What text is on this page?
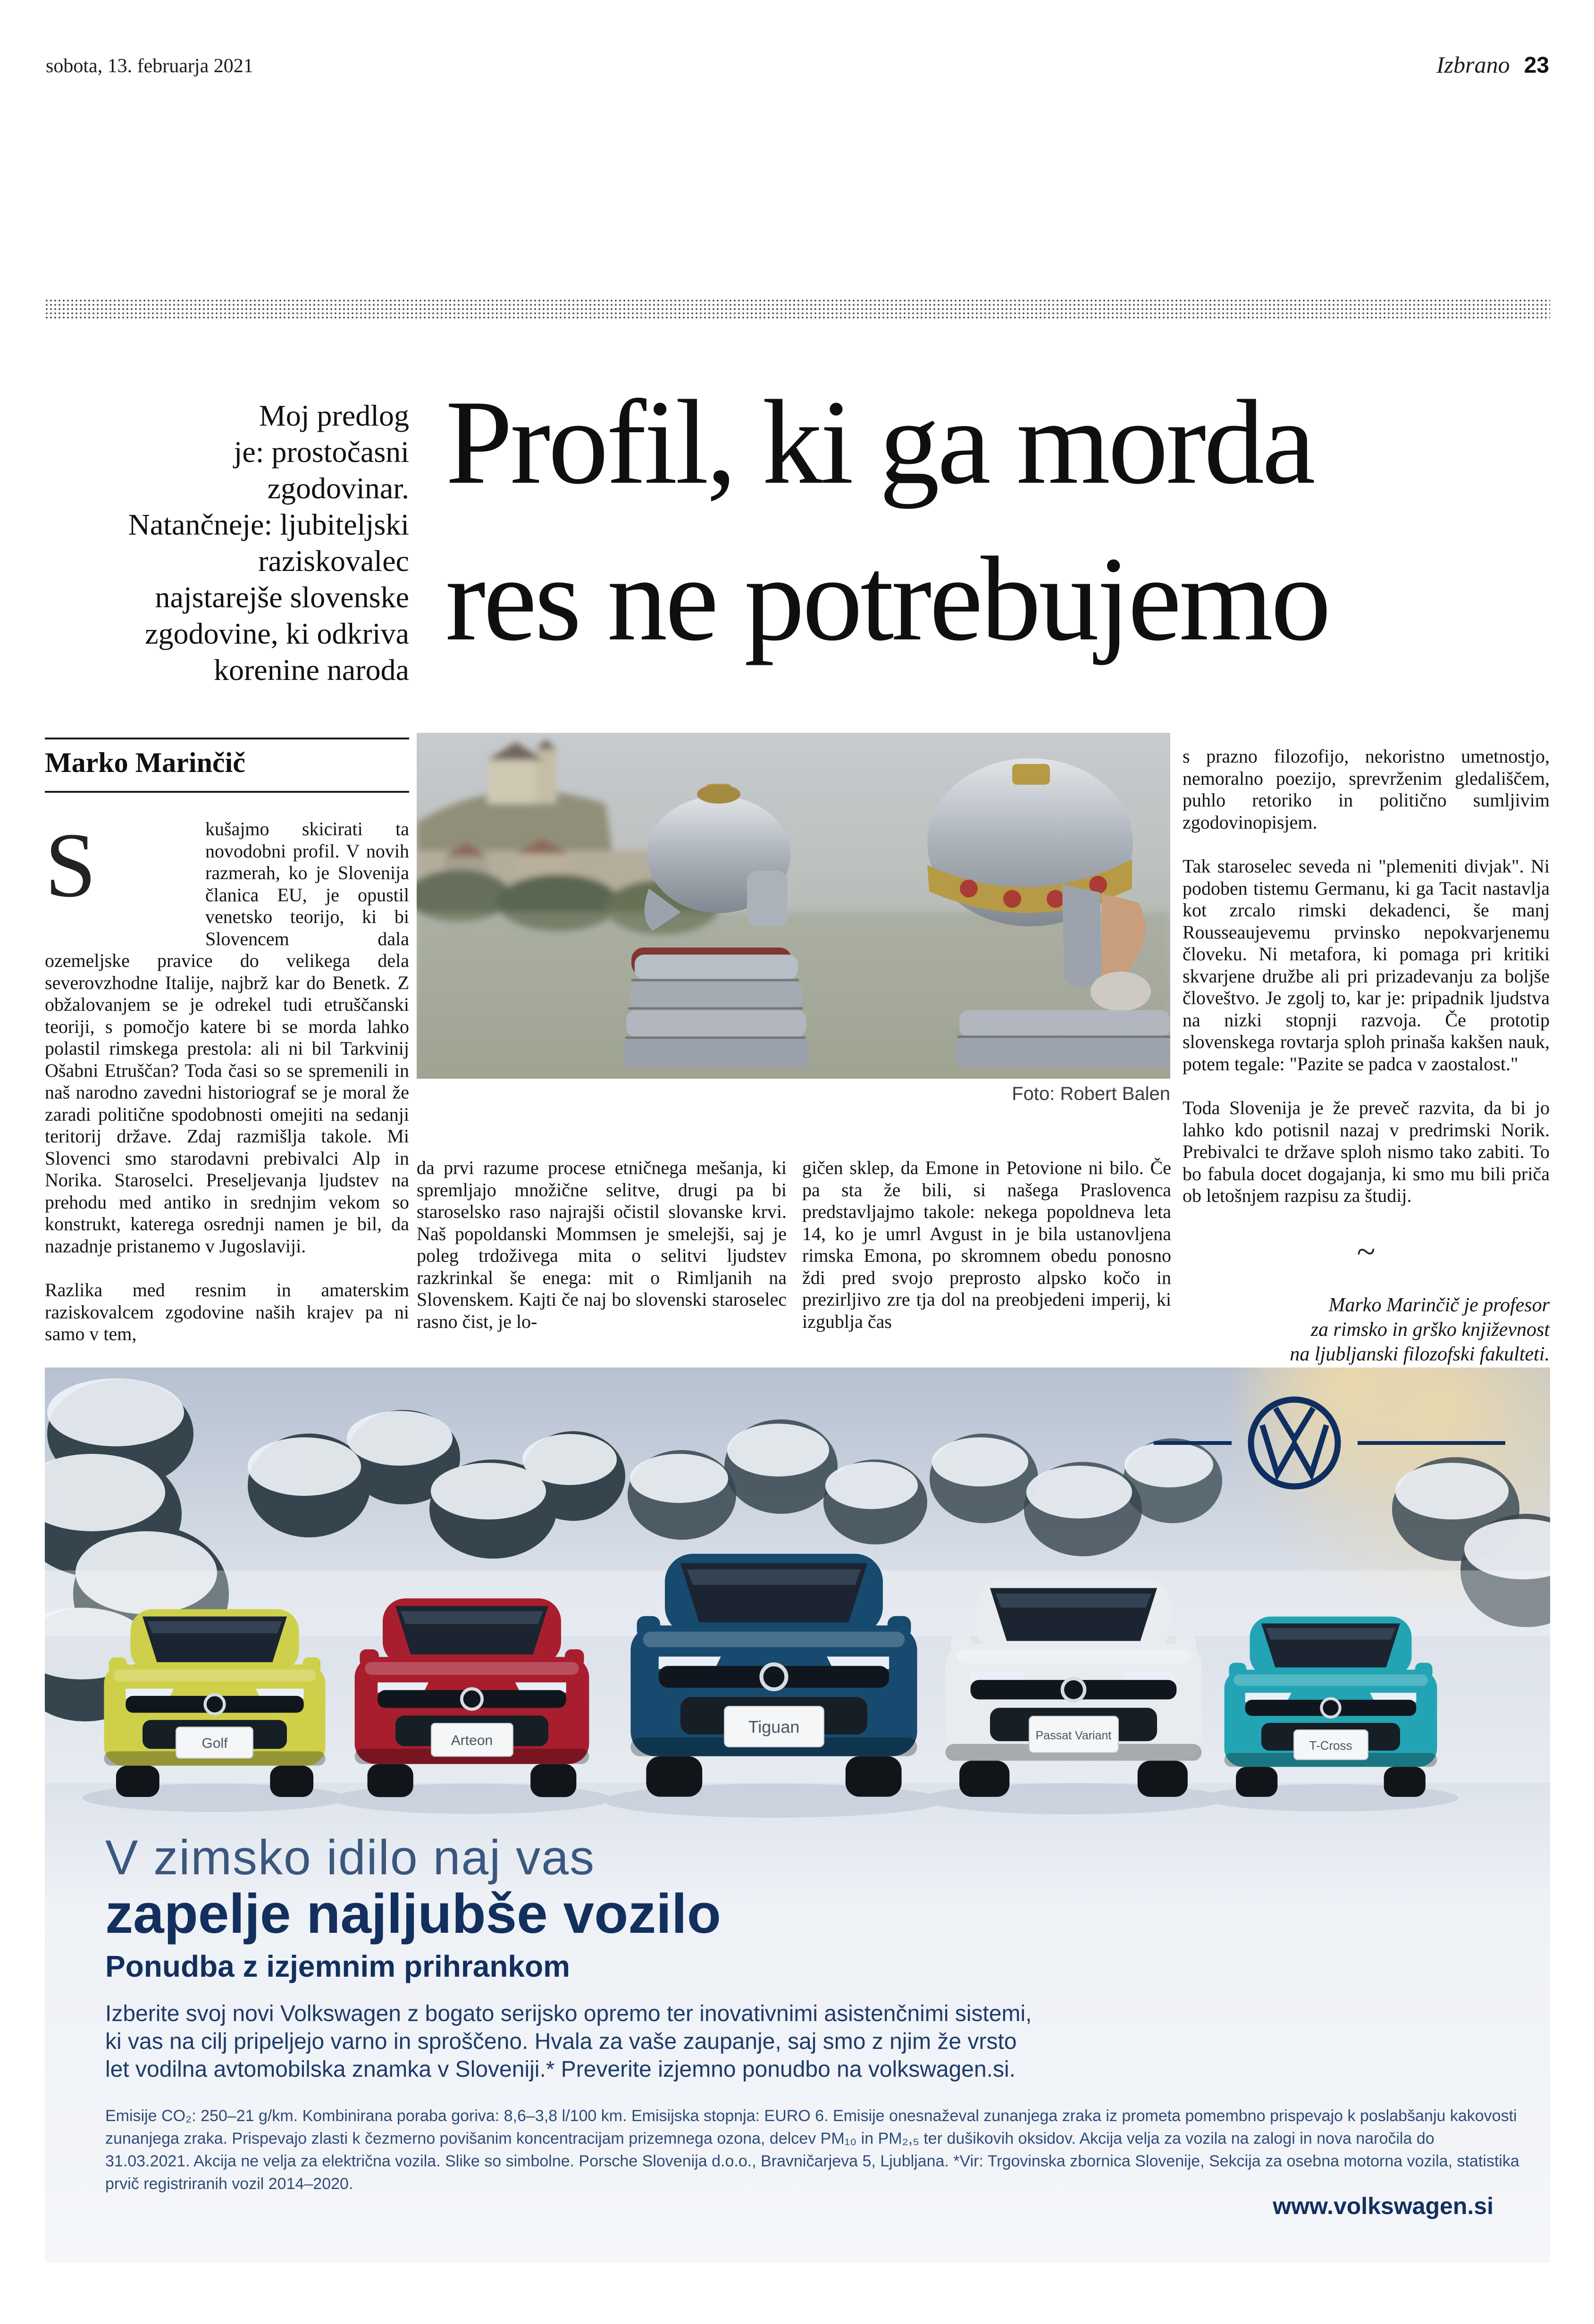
sobota, 13. februarja 2021	Izbrano 23
Moj predlog
je: prostočasni
zgodovinar.
Natančneje: ljubiteljski
raziskovalec
najstarejše slovenske
zgodovine, ki odkriva
korenine naroda
Profil, ki ga morda
res ne potrebujemo
Marko Marinčič

S	kušajmo skicirati ta novodobni profil. V novih razmerah, ko je Slovenija članica EU, je opustil venetsko teorijo, ki bi Slovencem dala ozemeljske pravice do velikega dela severovzhodne Italije, najbrž kar do Benetk. Z obžalovanjem se je odrekel tudi etruščanski teoriji, s pomočjo katere bi se morda lahko polastil rimskega prestola: ali ni bil Tarkvinij Ošabni Etruščan? Toda časi so se spremenili in naš narodno zavedni historiograf se je moral že zaradi politične spodobnosti omejiti na sedanji teritorij države. Zdaj razmišlja takole. Mi Slovenci smo starodavni prebivalci Alp in Norika. Staroselci. Preseljevanja ljudstev na prehodu med antiko in srednjim vekom so konstrukt, katerega osrednji namen je bil, da nazadnje pristanemo v Jugoslaviji.

Razlika med resnim in amaterskim raziskovalcem zgodovine naših krajev pa ni samo v tem,

Foto: Robert Balen

da prvi razume procese etničnega mešanja, ki spremljajo množične selitve, drugi pa bi staroselsko raso najrajši očistil slovanske krvi. Naš popoldanski Mommsen je smelejši, saj je poleg trdoživega mita o selitvi ljudstev razkrinkal še enega: mit o Rimljanih na Slovenskem. Kajti če naj bo slovenski staroselec rasno čist, je lo-

gičen sklep, da Emone in Petovione ni bilo. Če pa sta že bili, si našega Praslovenca predstavljajmo takole: nekega popoldneva leta 14, ko je umrl Avgust in je bila ustanovljena rimska Emona, po skromnem obedu ponosno ždi pred svojo preprosto alpsko kočo in prezirljivo zre tja dol na preobjedeni imperij, ki izgublja čas

s prazno filozofijo, nekoristno umetnostjo, nemoralno poezijo, sprevrženim gledališčem, puhlo retoriko in politično sumljivim zgodovinopisjem.

Tak staroselec seveda ni "plemeniti divjak". Ni podoben tistemu Germanu, ki ga Tacit nastavlja kot zrcalo rimski dekadenci, še manj Rousseaujevemu prvinsko nepokvarjenemu človeku. Ni metafora, ki pomaga pri kritiki skvarjene družbe ali pri prizadevanju za boljše človeštvo. Je zgolj to, kar je: pripadnik ljudstva na nizki stopnji razvoja. Če prototip slovenskega rovtarja sploh prinaša kakšen nauk, potem tegale: "Pazite se padca v zaostalost."

Toda Slovenija je že preveč razvita, da bi jo lahko kdo potisnil nazaj v predrimski Norik. Prebivalci te države sploh nismo tako zabiti. To bo fabula docet dogajanja, ki smo mu bili priča ob letošnjem razpisu za študij.

~
Marko Marinčič je profesor
za rimsko in grško književnost
na ljubljanski filozofski fakulteti.
Golf	Arteon
Tiguan	Passat Variant
T-Cross
V zimsko idilo naj vas
zapelje najljubše vozilo
Ponudba z izjemnim prihrankom
Izberite svoj novi Volkswagen z bogato serijsko opremo ter inovativnimi asistenčnimi sistemi, ki vas na cilj pripeljejo varno in sproščeno. Hvala za vaše zaupanje, saj smo z njim že vrsto let vodilna avtomobilska znamka v Sloveniji.* Preverite izjemno ponudbo na volkswagen.si.
Emisije CO₂: 250–21 g/km. Kombinirana poraba goriva: 8,6–3,8 l/100 km. Emisijska stopnja: EURO 6. Emisije onesnaževal zunanjega zraka iz prometa pomembno prispevajo k poslabšanju kakovosti zunanjega zraka. Prispevajo zlasti k čezmerno povišanim koncentracijam prizemnega ozona, delcev PM₁₀ in PM₂,₅ ter dušikovih oksidov. Akcija velja za vozila na zalogi in nova naročila do 31.03.2021. Akcija ne velja za električna vozila. Slike so simbolne. Porsche Slovenija d.o.o., Bravničarjeva 5, Ljubljana. *Vir: Trgovinska zbornica Slovenije, Sekcija za osebna motorna vozila, statistika prvič registriranih vozil 2014–2020.
www.volkswagen.si
